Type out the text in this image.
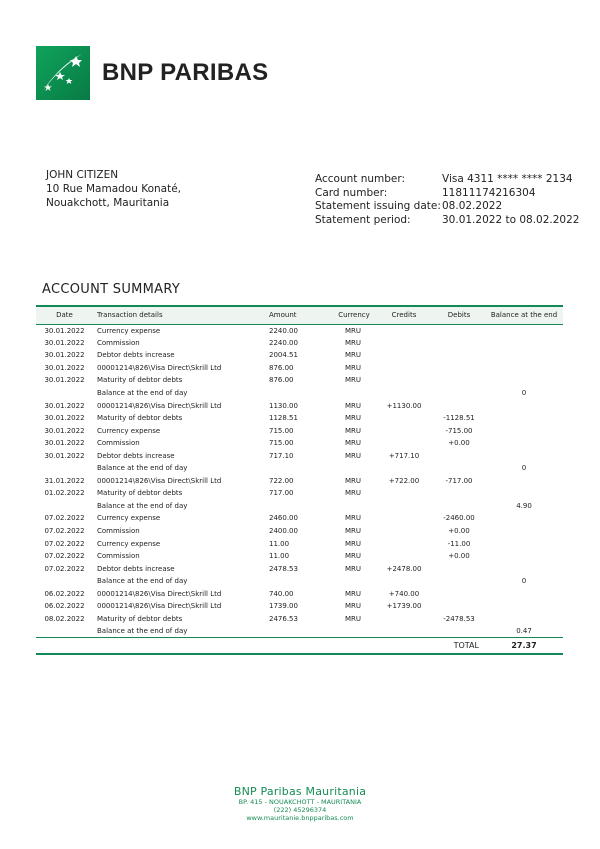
BNP PARIBAS
JOHN CITIZEN
10 Rue Mamadou Konaté,
Nouakchott, Mauritania
Account number:	Visa 4311 **** **** 2134
Card number:	11811174216304
Statement issuing date: 08.02.2022
Statement period:	30.01.2022 to 08.02.2022
ACCOUNT SUMMARY
Date	Transaction details	Amount	Currency	Credits	Debits	Balance at the end
30.01.2022	Currency expense	2240.00	MRU			
30.01.2022	Commission	2240.00	MRU			
30.01.2022	Debtor debts increase	2004.51	MRU			
30.01.2022	00001214\826\Visa Direct\Skrill Ltd	876.00	MRU			
30.01.2022	Maturity of debtor debts	876.00	MRU			
	Balance at the end of day					0
30.01.2022	00001214\826\Visa Direct\Skrill Ltd	1130.00	MRU	+1130.00		
30.01.2022	Maturity of debtor debts	1128.51	MRU		-1128.51	
30.01.2022	Currency expense	715.00	MRU		-715.00	
30.01.2022	Commission	715.00	MRU		+0.00	
30.01.2022	Debtor debts increase	717.10	MRU	+717.10		
	Balance at the end of day					0
31.01.2022	00001214\826\Visa Direct\Skrill Ltd	722.00	MRU	+722.00	-717.00	
01.02.2022	Maturity of debtor debts	717.00	MRU			
	Balance at the end of day					4.90
07.02.2022	Currency expense	2460.00	MRU		-2460.00	
07.02.2022	Commission	2400.00	MRU		+0.00	
07.02.2022	Currency expense	11.00	MRU		-11.00	
07.02.2022	Commission	11.00	MRU		+0.00	
07.02.2022	Debtor debts increase	2478.53	MRU	+2478.00		
	Balance at the end of day					0
06.02.2022	00001214\826\Visa Direct\Skrill Ltd	740.00	MRU	+740.00		
06.02.2022	00001214\826\Visa Direct\Skrill Ltd	1739.00	MRU	+1739.00		
08.02.2022	Maturity of debtor debts	2476.53	MRU		-2478.53	
	Balance at the end of day					0.47
					TOTAL	27.37
BNP Paribas Mauritania
BP. 415 - NOUAKCHOTT - MAURITANIA
(222) 45296374
www.mauritanie.bnpparibas.com
